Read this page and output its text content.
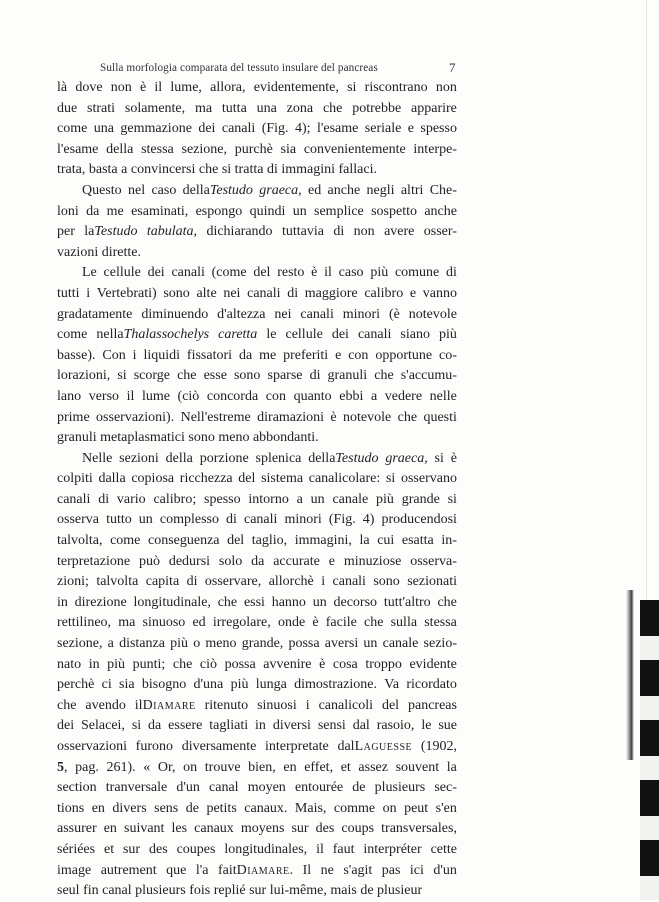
Sulla morfologia comparata del tessuto insulare del pancreas	7
là dove non è il lume, allora, evidentemente, si riscontrano non
due strati solamente, ma tutta una zona che potrebbe apparire
come una gemmazione dei canali (Fig. 4); l'esame seriale e spesso
l'esame della stessa sezione, purchè sia convenientemente interpe-
trata, basta a convincersi che si tratta di immagini fallaci.
Questo nel caso dellaTestudo graeca, ed anche negli altri Che-
loni da me esaminati, espongo quindi un semplice sospetto anche
per laTestudo tabulata, dichiarando tuttavia di non avere osser-
vazioni dirette.
Le cellule dei canali (come del resto è il caso più comune di
tutti i Vertebrati) sono alte nei canali di maggiore calibro e vanno
gradatamente diminuendo d'altezza nei canali minori (è notevole
come nellaThalassochelys caretta le cellule dei canali siano più
basse). Con i liquidi fissatori da me preferiti e con opportune co-
lorazioni, si scorge che esse sono sparse di granuli che s'accumu-
lano verso il lume (ciò concorda con quanto ebbi a vedere nelle
prime osservazioni). Nell'estreme diramazioni è notevole che questi
granuli metaplasmatici sono meno abbondanti.
Nelle sezioni della porzione splenica dellaTestudo graeca, si è
colpiti dalla copiosa ricchezza del sistema canalicolare: si osservano
canali di vario calibro; spesso intorno a un canale più grande si
osserva tutto un complesso di canali minori (Fig. 4) producendosi
talvolta, come conseguenza del taglio, immagini, la cui esatta in-
terpretazione può dedursi solo da accurate e minuziose osserva-
zioni; talvolta capita di osservare, allorchè i canali sono sezionati
in direzione longitudinale, che essi hanno un decorso tutt'altro che
rettilineo, ma sinuoso ed irregolare, onde è facile che sulla stessa
sezione, a distanza più o meno grande, possa aversi un canale sezio-
nato in più punti; che ciò possa avvenire è cosa troppo evidente
perchè ci sia bisogno d'una più lunga dimostrazione. Va ricordato
che avendo ilDiamare ritenuto sinuosi i canalicoli del pancreas
dei Selacei, si da essere tagliati in diversi sensi dal rasoio, le sue
osservazioni furono diversamente interpretate dalLaguesse (1902,
5, pag. 261). « Or, on trouve bien, en effet, et assez souvent la
section tranversale d'un canal moyen entourée de plusieurs sec-
tions en divers sens de petits canaux. Mais, comme on peut s'en
assurer en suivant les canaux moyens sur des coups transversales,
sériées et sur des coupes longitudinales, il faut interpréter cette
image autrement que l'a faitDiamare. Il ne s'agit pas ici d'un
seul fin canal plusieurs fois replié sur lui-même, mais de plusieur
